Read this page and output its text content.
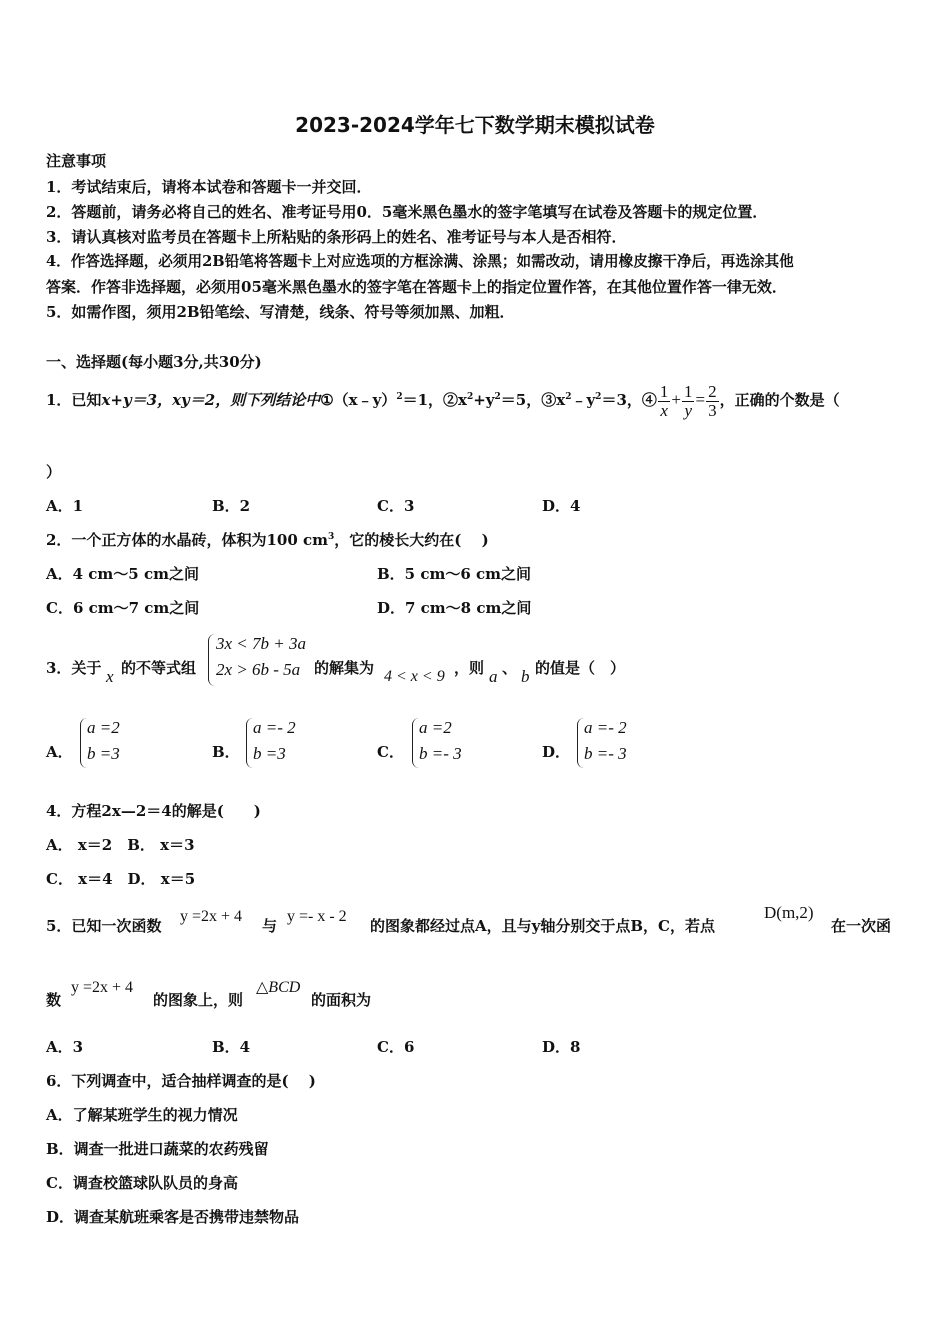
2023-2024学年七下数学期末模拟试卷
注意事项
1．考试结束后，请将本试卷和答题卡一并交回．
2．答题前，请务必将自己的姓名、准考证号用0．5毫米黑色墨水的签字笔填写在试卷及答题卡的规定位置．
3．请认真核对监考员在答题卡上所粘贴的条形码上的姓名、准考证号与本人是否相符．
4．作答选择题，必须用2B铅笔将答题卡上对应选项的方框涂满、涂黑；如需改动，请用橡皮擦干净后，再选涂其他
答案．作答非选择题，必须用05毫米黑色墨水的签字笔在答题卡上的指定位置作答，在其他位置作答一律无效．
5．如需作图，须用2B铅笔绘、写清楚，线条、符号等须加黑、加粗．
一、选择题(每小题3分,共30分)
1．已知x+y＝3，xy＝2，则下列结论中①（x﹣y）$^2$＝1，$②x^2+y^2=5$，$③x^2﹣y^2=3$，④ $\frac{1}{x} + \frac{1}{y} = \frac{2}{3}$ ，正确的个数是（
）
A．1	B．2	C．3	D．4
2．一个正方体的水晶砖，体积为100 $cm^3$，它的棱长大约在(　 )
A．4 cm～5 cm之间	B．5 cm～6 cm之间
C．6 cm～7 cm之间	D．7 cm～8 cm之间
3．关于 x 的不等式组
3x < 7b + 3a
2x > 6b - 5a 的解集为 4 < x < 9 ，则 a 、 b 的值是（　）
A．
a =2
b =3	B．
a =- 2
b =3	C．
a =2
b =- 3	D．
a =- 2
b =- 3
4．方程2x—2＝4的解是(　　)
A． x＝2　B． x＝3
C． x＝4　D． x＝5
5．已知一次函数
y =2x + 4
与
y =- x - 2
的图象都经过点A，且与y轴分别交于点B，C，若点
D(m,2)
在一次函
数
y =2x + 4
的图象上，则
△BCD
的面积为
A．3	B．4	C．6	D．8
6．下列调查中，适合抽样调查的是(　 )
A．了解某班学生的视力情况
B．调查一批进口蔬菜的农药残留
C．调查校篮球队队员的身高
D．调查某航班乘客是否携带违禁物品
